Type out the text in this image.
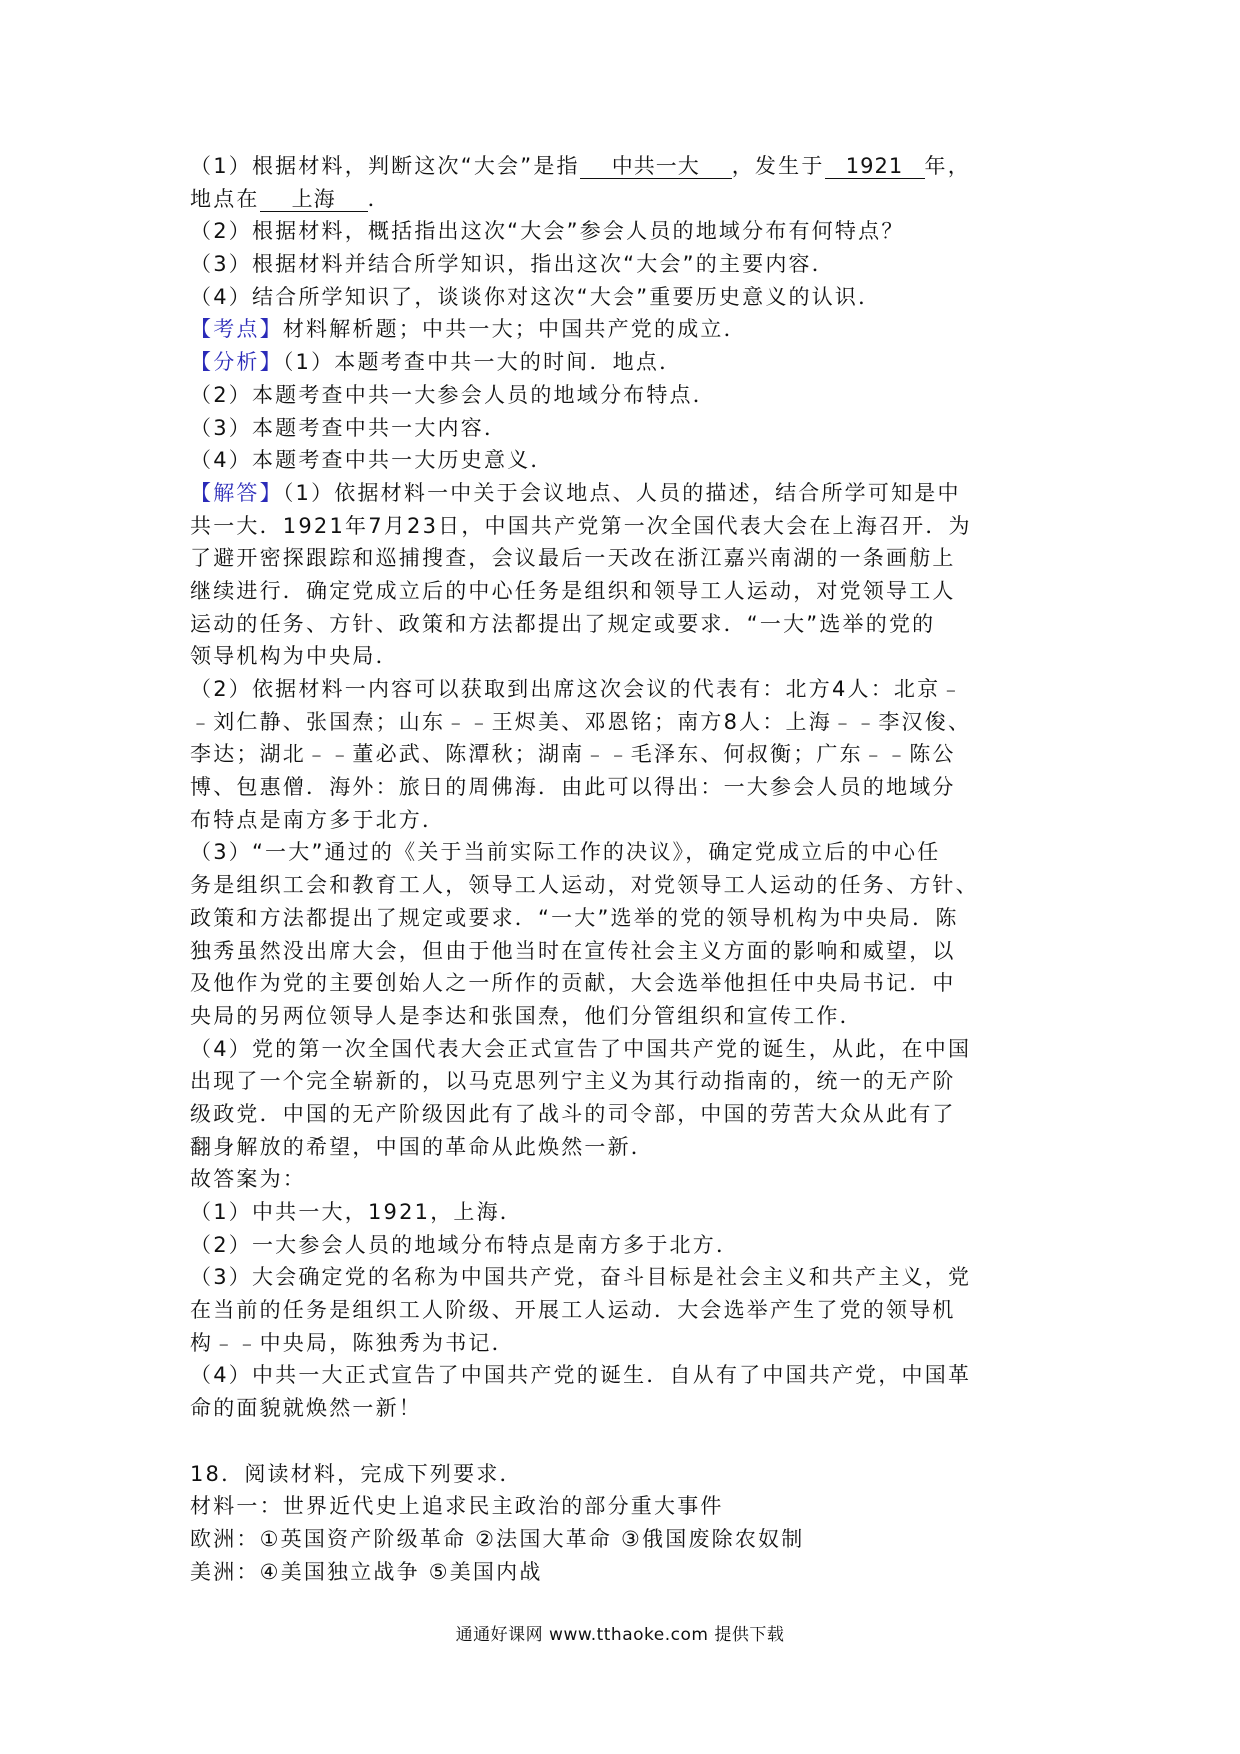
（1）根据材料，判断这次“大会”是指 中共一大 ，发生于 1921 年，
地点在 上海 ．
（2）根据材料，概括指出这次“大会”参会人员的地域分布有何特点？
（3）根据材料并结合所学知识，指出这次“大会”的主要内容．
（4）结合所学知识了，谈谈你对这次“大会”重要历史意义的认识．
【考点】材料解析题；中共一大；中国共产党的成立．
【分析】（1）本题考查中共一大的时间．地点．
（2）本题考查中共一大参会人员的地域分布特点．
（3）本题考查中共一大内容．
（4）本题考查中共一大历史意义．
【解答】（1）依据材料一中关于会议地点、人员的描述，结合所学可知是中
共一大．1921年7月23日，中国共产党第一次全国代表大会在上海召开．为
了避开密探跟踪和巡捕搜查，会议最后一天改在浙江嘉兴南湖的一条画舫上
继续进行．确定党成立后的中心任务是组织和领导工人运动，对党领导工人
运动的任务、方针、政策和方法都提出了规定或要求．“一大”选举的党的
领导机构为中央局．
（2）依据材料一内容可以获取到出席这次会议的代表有：北方4人：北京﹣
﹣刘仁静、张国焘；山东﹣﹣王烬美、邓恩铭；南方8人：上海﹣﹣李汉俊、
李达；湖北﹣﹣董必武、陈潭秋；湖南﹣﹣毛泽东、何叔衡；广东﹣﹣陈公
博、包惠僧．海外：旅日的周佛海．由此可以得出：一大参会人员的地域分
布特点是南方多于北方．
（3）“一大”通过的《关于当前实际工作的决议》，确定党成立后的中心任
务是组织工会和教育工人，领导工人运动，对党领导工人运动的任务、方针、
政策和方法都提出了规定或要求．“一大”选举的党的领导机构为中央局．陈
独秀虽然没出席大会，但由于他当时在宣传社会主义方面的影响和威望，以
及他作为党的主要创始人之一所作的贡献，大会选举他担任中央局书记．中
央局的另两位领导人是李达和张国焘，他们分管组织和宣传工作．
（4）党的第一次全国代表大会正式宣告了中国共产党的诞生，从此，在中国
出现了一个完全崭新的，以马克思列宁主义为其行动指南的，统一的无产阶
级政党．中国的无产阶级因此有了战斗的司令部，中国的劳苦大众从此有了
翻身解放的希望，中国的革命从此焕然一新．
故答案为：
（1）中共一大，1921，上海．
（2）一大参会人员的地域分布特点是南方多于北方．
（3）大会确定党的名称为中国共产党，奋斗目标是社会主义和共产主义，党
在当前的任务是组织工人阶级、开展工人运动．大会选举产生了党的领导机
构﹣﹣中央局，陈独秀为书记．
（4）中共一大正式宣告了中国共产党的诞生．自从有了中国共产党，中国革
命的面貌就焕然一新！
18．阅读材料，完成下列要求．
材料一：世界近代史上追求民主政治的部分重大事件
欧洲：①英国资产阶级革命 ②法国大革命 ③俄国废除农奴制
美洲：④美国独立战争 ⑤美国内战
通通好课网 www.tthaoke.com 提供下载
